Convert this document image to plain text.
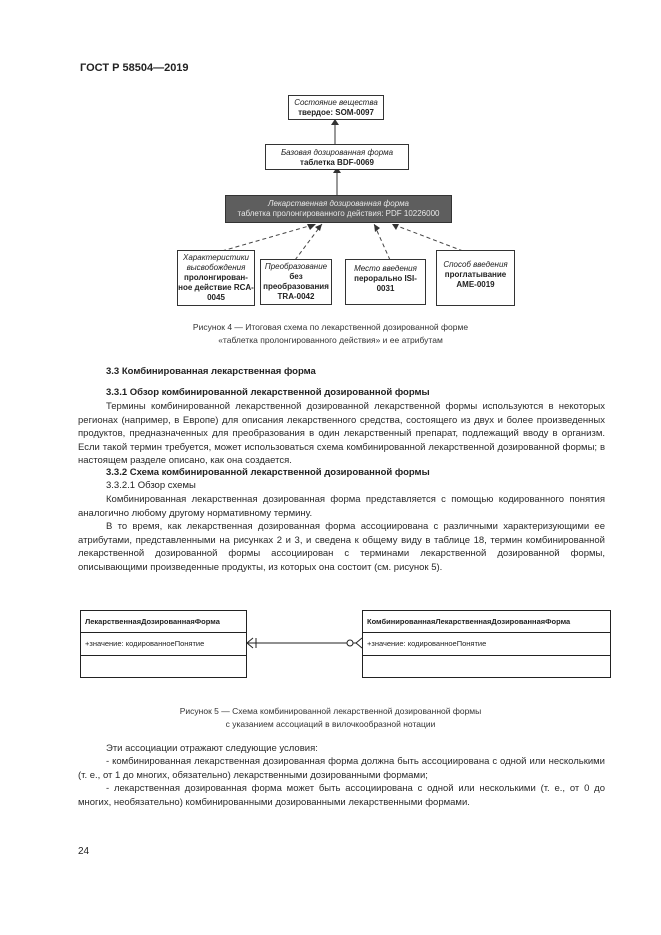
ГОСТ Р 58504—2019
Состояние вещества
твердое: SOM-0097
Базовая дозированная форма
таблетка BDF-0069
Лекарственная дозированная форма
таблетка пролонгированного действия: PDF 10226000
Характеристики высвобождения
пролонгирован-ное действие RCA-0045
Преобразование
без преобразования TRA-0042
Место введения
перорально ISI-0031
Способ введения
проглатывание AME-0019
Рисунок 4 — Итоговая схема по лекарственной дозированной форме
«таблетка пролонгированного действия» и ее атрибутам
3.3 Комбинированная лекарственная форма
3.3.1 Обзор комбинированной лекарственной дозированной формы

Термины комбинированной лекарственной дозированной лекарственной формы используются в некоторых регионах (например, в Европе) для описания лекарственного средства, состоящего из двух и более произведенных продуктов, предназначенных для преобразования в один лекарственный препарат, подлежащий вводу в организм. Если такой термин требуется, может использоваться схема комбинированной лекарственной дозированной формы; в настоящем разделе описано, как она создается.

3.3.2 Схема комбинированной лекарственной дозированной формы
3.3.2.1 Обзор схемы

Комбинированная лекарственная дозированная форма представляется с помощью кодированного понятия аналогично любому другому нормативному термину.

В то время, как лекарственная дозированная форма ассоциирована с различными характеризующими ее атрибутами, представленными на рисунках 2 и 3, и сведена к общему виду в таблице 18, термин комбинированной лекарственной дозированной формы ассоциирован с терминами лекарственной дозированной формы, описывающими произведенные продукты, из которых она состоит (см. рисунок 5).

ЛекарственнаяДозированнаяФорма
+значение: кодированноеПонятие
КомбинированнаяЛекарственнаяДозированнаяФорма
+значение: кодированноеПонятие
Рисунок 5 — Схема комбинированной лекарственной дозированной формы
с указанием ассоциаций в вилочкообразной нотации

Эти ассоциации отражают следующие условия:

- комбинированная лекарственная дозированная форма должна быть ассоциирована с одной или несколькими (т. е., от 1 до многих, обязательно) лекарственными дозированными формами;

- лекарственная дозированная форма может быть ассоциирована с одной или несколькими (т. е., от 0 до многих, необязательно) комбинированными дозированными лекарственными формами.

24
